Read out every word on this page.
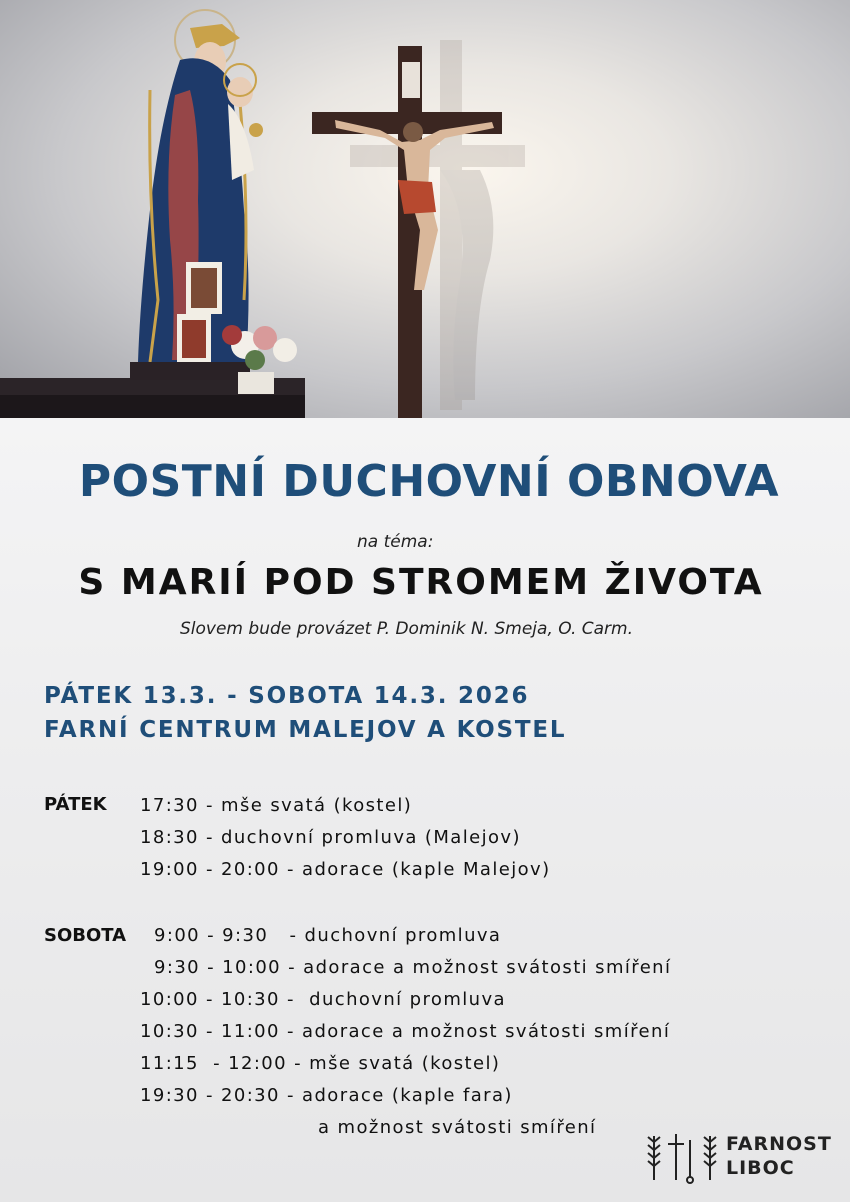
POSTNÍ DUCHOVNÍ OBNOVA
na téma:
S MARIÍ POD STROMEM ŽIVOTA
Slovem bude provázet P. Dominik N. Smeja, O. Carm.
PÁTEK 13.3. - SOBOTA 14.3. 2026
FARNÍ CENTRUM MALEJOV A KOSTEL
PÁTEK 17:30 - mše svatá (kostel)
18:30 - duchovní promluva (Malejov)
19:00 - 20:00 - adorace (kaple Malejov)
SOBOTA 9:00 - 9:30   - duchovní promluva
9:30 - 10:00 - adorace a možnost svátosti smíření
10:00 - 10:30 -  duchovní promluva
10:30 - 11:00 - adorace a možnost svátosti smíření
11:15  - 12:00 - mše svatá (kostel)
19:30 - 20:30 - adorace (kaple fara)
a možnost svátosti smíření
FARNOST
LIBOC
